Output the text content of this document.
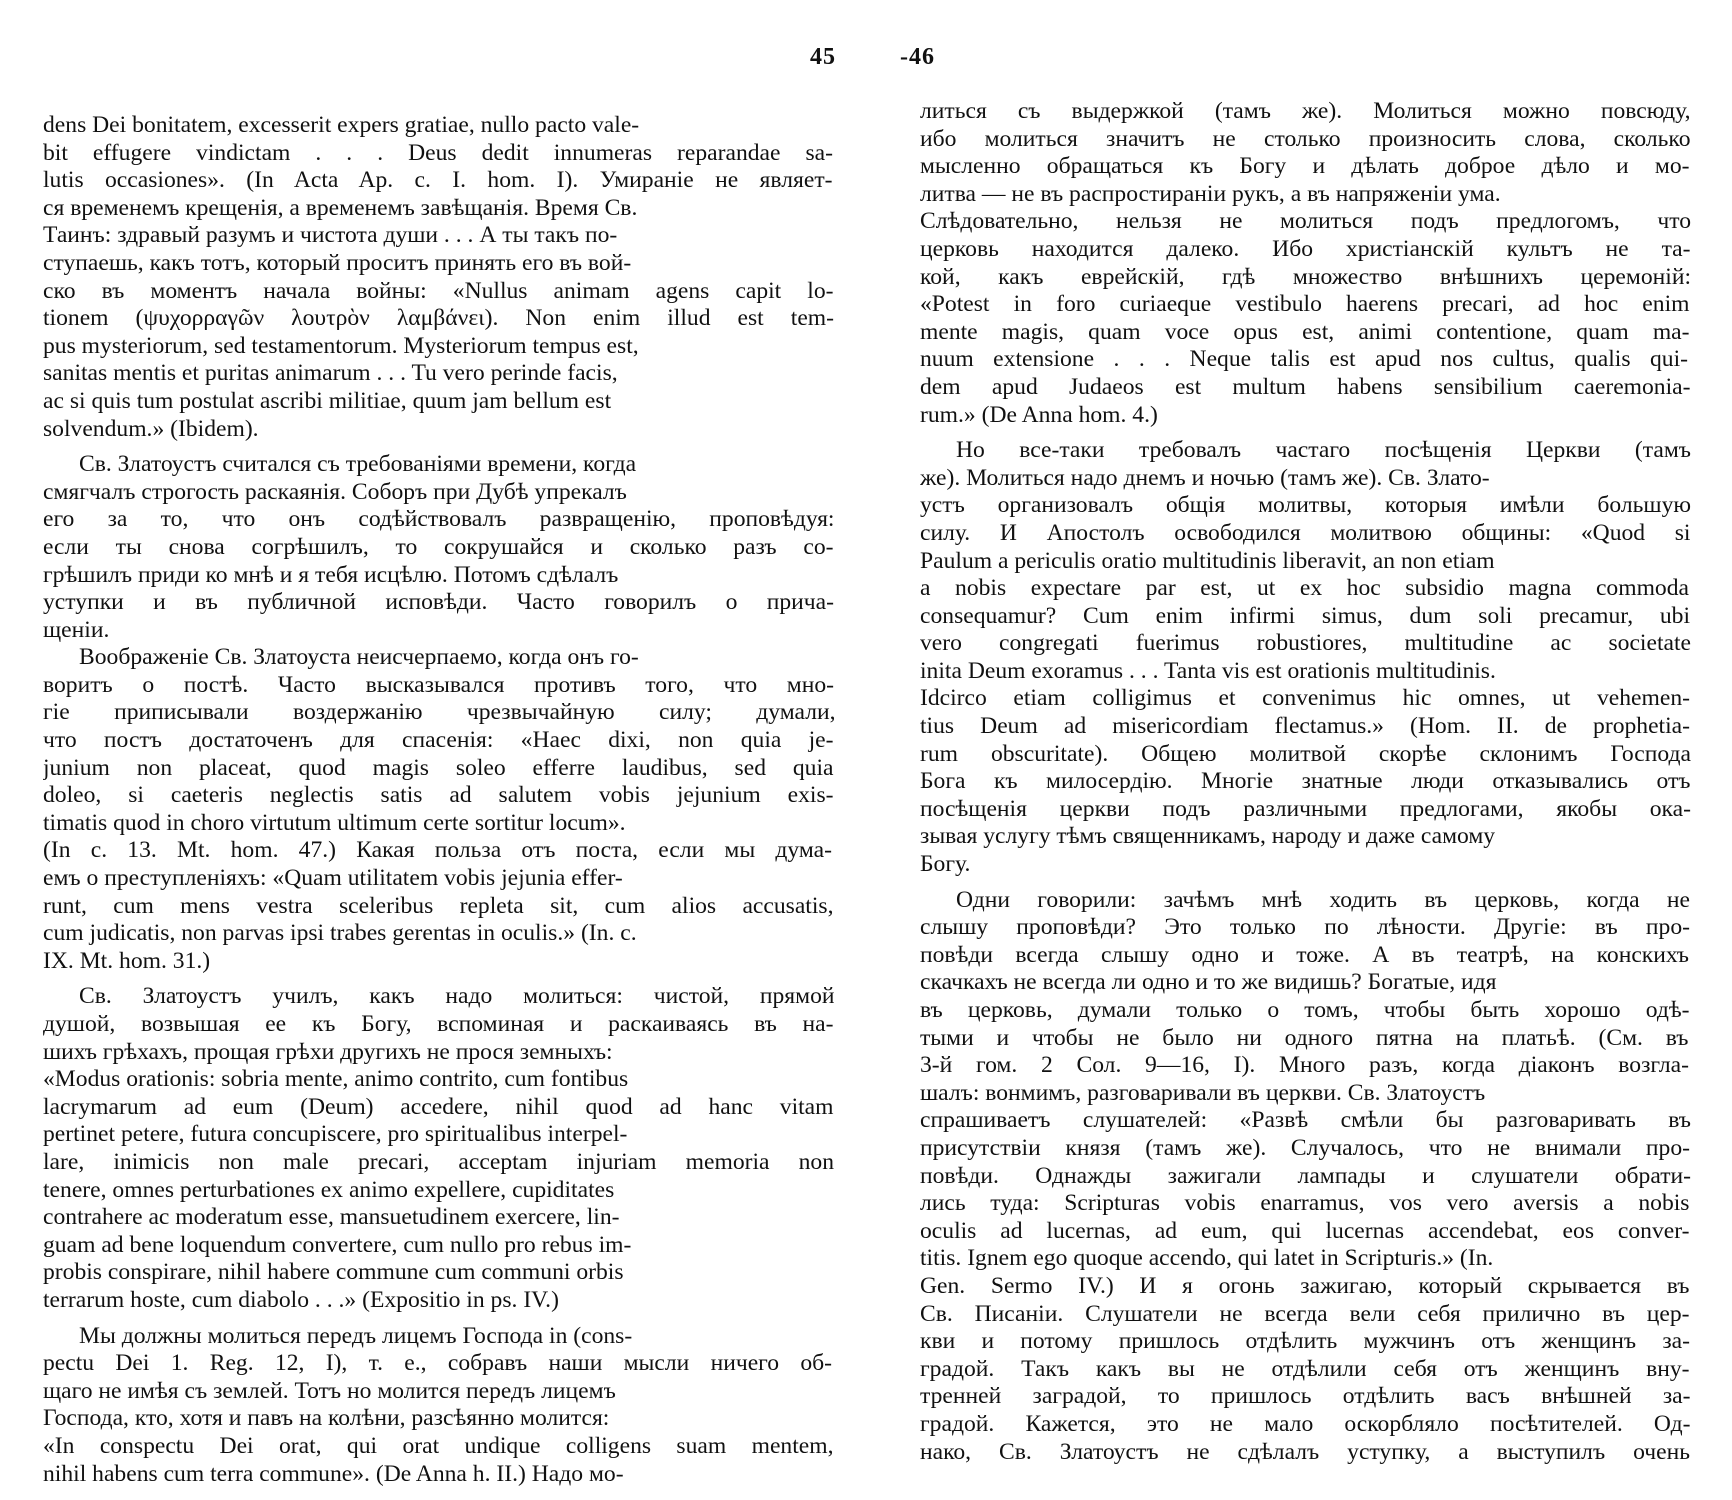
45	-46
dens Dei bonitatem, excesserit expers gratiae, nullo pacto vale-
bit effugere vindictam . . . Deus dedit innumeras reparandae sa-
lutis occasiones». (In Acta Ap. c. I. hom. I). Умираніе не являет-
ся временемъ крещенія, а временемъ завѣщанія. Время Св.
Таинъ: здравый разумъ и чистота души . . . А ты такъ по-
ступаешь, какъ тотъ, который проситъ принять его въ вой-
ско въ моментъ начала войны: «Nullus animam agens capit lo-
tionem (ψυχορραγῶν λουτρὸν λαμβάνει). Non enim illud est tem-
pus mysteriorum, sed testamentorum. Mysteriorum tempus est,
sanitas mentis et puritas animarum . . . Tu vero perinde facis,
ac si quis tum postulat ascribi militiae, quum jam bellum est
solvendum.» (Ibidem).
Св. Златоустъ считался съ требованіями времени, когда
смягчалъ строгость раскаянія. Соборъ при Дубѣ упрекалъ
его за то, что онъ содѣйствовалъ развращенію, проповѣдуя:
если ты снова согрѣшилъ, то сокрушайся и сколько разъ со-
грѣшилъ приди ко мнѣ и я тебя исцѣлю. Потомъ сдѣлалъ
уступки и въ публичной исповѣди. Часто говорилъ о прича-
щеніи.
Воображеніе Св. Златоуста неисчерпаемо, когда онъ го-
воритъ о постѣ. Часто высказывался противъ того, что мно-
гіе приписывали воздержанію чрезвычайную силу; думали,
что постъ достаточенъ для спасенія: «Haec dixi, non quia je-
junium non placeat, quod magis soleo efferre laudibus, sed quia
doleo, si caeteris neglectis satis ad salutem vobis jejunium exis-
timatis quod in choro virtutum ultimum certe sortitur locum».
(In c. 13. Mt. hom. 47.) Какая польза отъ поста, если мы дума-
емъ о преступленіяхъ: «Quam utilitatem vobis jejunia effer-
runt, cum mens vestra sceleribus repleta sit, cum alios accusatis,
cum judicatis, non parvas ipsi trabes gerentas in oculis.» (In. c.
IX. Mt. hom. 31.)
Св. Златоустъ училъ, какъ надо молиться: чистой, прямой
душой, возвышая ее къ Богу, вспоминая и раскаиваясь въ на-
шихъ грѣхахъ, прощая грѣхи другихъ не прося земныхъ:
«Modus orationis: sobria mente, animo contrito, cum fontibus
lacrymarum ad eum (Deum) accedere, nihil quod ad hanc vitam
pertinet petere, futura concupiscere, pro spiritualibus interpel-
lare, inimicis non male precari, acceptam injuriam memoria non
tenere, omnes perturbationes ex animo expellere, cupiditates
contrahere ac moderatum esse, mansuetudinem exercere, lin-
guam ad bene loquendum convertere, cum nullo pro rebus im-
probis conspirare, nihil habere commune cum communi orbis
terrarum hoste, cum diabolo . . .» (Expositio in ps. IV.)
Мы должны молиться передъ лицемъ Господа in (cons-
pectu Dei 1. Reg. 12, I), т. е., собравъ наши мысли ничего об-
щаго не имѣя съ землей. Тотъ но молится передъ лицемъ
Гоcпода, кто, хотя и павъ на колѣни, разсѣянно молится:
«In conspectu Dei orat, qui orat undique colligens suam mentem,
nihil habens cum terra commune». (De Anna h. II.) Надо мо-
литься съ выдержкой (тамъ же). Молиться можно повсюду,
ибо молиться значитъ не столько произносить слова, сколько
мысленно обращаться къ Богу и дѣлать доброе дѣло и мо-
литва — не въ распростираніи рукъ, а въ напряженіи ума.
Слѣдовательно, нельзя не молиться подъ предлогомъ, что
церковь находится далеко. Ибо христіанскій культъ не та-
кой, какъ еврейскій, гдѣ множество внѣшнихъ церемоній:
«Potest in foro curiaeque vestibulo haerens precari, ad hoc enim
mente magis, quam voce opus est, animi contentione, quam ma-
nuum extensione . . . Neque talis est apud nos cultus, qualis qui-
dem apud Judaeos est multum habens sensibilium caeremonia-
rum.» (De Anna hom. 4.)
Но все-таки требовалъ частаго посѣщенія Церкви (тамъ
же). Молиться надо днемъ и ночью (тамъ же). Св. Злато-
устъ организовалъ общія молитвы, которыя имѣли большую
силу. И Апостолъ освободился молитвою общины: «Quod si
Paulum a periculis oratio multitudinis liberavit, an non etiam
a nobis expectare par est, ut ex hoc subsidio magna commoda
consequamur? Cum enim infirmi simus, dum soli precamur, ubi
vero congregati fuerimus robustiores, multitudine ac societate
inita Deum exoramus . . . Tanta vis est orationis multitudinis.
Idcirco etiam colligimus et convenimus hic omnes, ut vehemen-
tius Deum ad misericordiam flectamus.» (Hom. II. de prophetia-
rum obscuritate). Общею молитвой скорѣе склонимъ Господа
Бога къ милосердію. Многіе знатные люди отказывались отъ
посѣщенія церкви подъ различными предлогами, якобы ока-
зывая услугу тѣмъ священникамъ, народу и даже самому
Богу.
Одни говорили: зачѣмъ мнѣ ходить въ церковь, когда не
слышу проповѣди? Это только по лѣности. Другіе: въ про-
повѣди всегда слышу одно и тоже. А въ театрѣ, на конскихъ
скачкахъ не всегда ли одно и то же видишь? Богатые, идя
въ церковь, думали только о томъ, чтобы быть хорошо одѣ-
тыми и чтобы не было ни одного пятна на платьѣ. (См. въ
3-й гом. 2 Сол. 9—16, I). Много разъ, когда діаконъ возгла-
шалъ: вонмимъ, разговаривали въ церкви. Св. Златоустъ
спрашиваетъ слушателей: «Развѣ смѣли бы разговаривать въ
присутствіи князя (тамъ же). Случалось, что не внимали про-
повѣди. Однажды зажигали лампады и слушатели обрати-
лись туда: Scripturas vobis enarramus, vos vero aversis a nobis
oculis ad lucernas, ad eum, qui lucernas accendebat, eos conver-
titis. Ignem ego quoque accendo, qui latet in Scripturis.» (In.
Gen. Sermo IV.) И я огонь зажигаю, который скрывается въ
Св. Писаніи. Слушатели не всегда вели себя прилично въ цер-
кви и потому пришлось отдѣлить мужчинъ отъ женщинъ за-
градой. Такъ какъ вы не отдѣлили себя отъ женщинъ вну-
тренней заградой, то пришлось отдѣлить васъ внѣшней за-
градой. Кажется, это не мало оскорбляло посѣтителей. Од-
нако, Св. Златоустъ не сдѣлалъ уступку, а выступилъ очень
